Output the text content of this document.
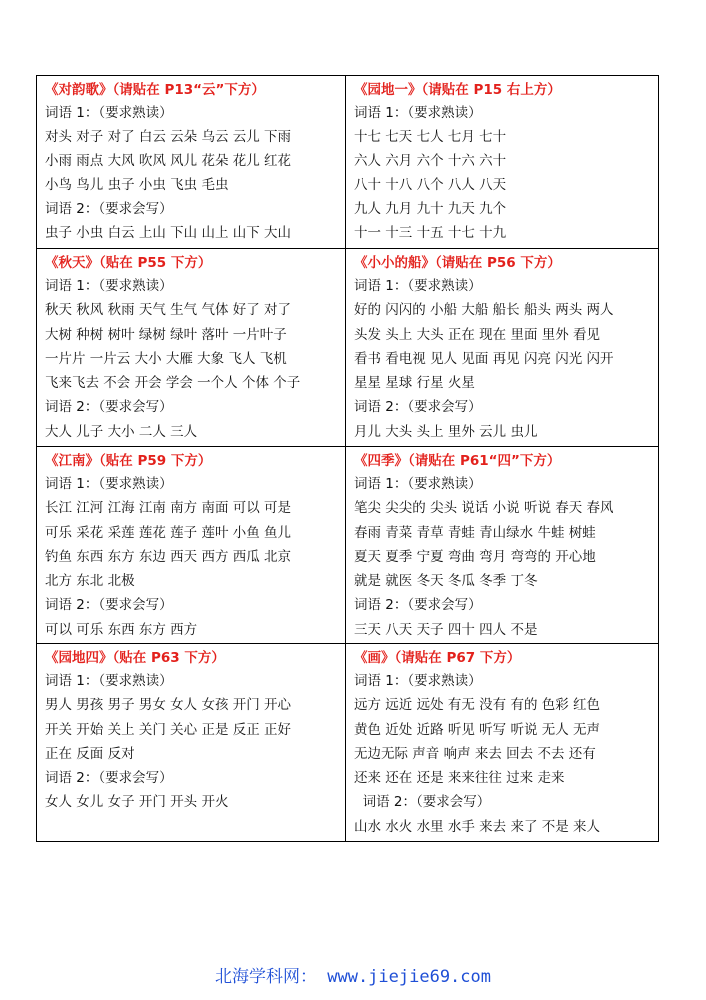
《对韵歌》（请贴在 P13“云”下方）
词语 1：（要求熟读）
对头 对子 对了 白云 云朵 乌云 云儿 下雨
小雨 雨点 大风 吹风 风儿 花朵 花儿 红花
小鸟 鸟儿 虫子 小虫 飞虫 毛虫
词语 2：（要求会写）
虫子 小虫 白云 上山 下山 山上 山下 大山
《园地一》（请贴在 P15 右上方）
词语 1：（要求熟读）
十七 七天 七人 七月 七十
六人 六月 六个 十六 六十
八十 十八 八个 八人 八天
九人 九月 九十 九天 九个
十一 十三 十五 十七 十九
《秋天》（贴在 P55 下方）
词语 1：（要求熟读）
秋天 秋风 秋雨 天气 生气 气体 好了 对了
大树 种树 树叶 绿树 绿叶 落叶 一片叶子
一片片 一片云 大小 大雁 大象 飞人 飞机
飞来飞去 不会 开会 学会 一个人 个体 个子
词语 2：（要求会写）
大人 儿子 大小 二人 三人
《小小的船》（请贴在 P56 下方）
词语 1：（要求熟读）
好的 闪闪的 小船 大船 船长 船头 两头 两人
头发 头上 大头 正在 现在 里面 里外 看见
看书 看电视 见人 见面 再见 闪亮 闪光 闪开
星星 星球 行星 火星
词语 2：（要求会写）
月儿 大头 头上 里外 云儿 虫儿
《江南》（贴在 P59 下方）
词语 1：（要求熟读）
长江 江河 江海 江南 南方 南面 可以 可是
可乐 采花 采莲 莲花 莲子 莲叶 小鱼 鱼儿
钓鱼 东西 东方 东边 西天 西方 西瓜 北京
北方 东北 北极
词语 2：（要求会写）
可以 可乐 东西 东方 西方
《四季》（请贴在 P61“四”下方）
词语 1：（要求熟读）
笔尖 尖尖的 尖头 说话 小说 听说 春天 春风
春雨 青菜 青草 青蛙 青山绿水 牛蛙 树蛙
夏天 夏季 宁夏 弯曲 弯月 弯弯的 开心地
就是 就医 冬天 冬瓜 冬季 丁冬
词语 2：（要求会写）
三天 八天 天子 四十 四人 不是
《园地四》（贴在 P63 下方）
词语 1：（要求熟读）
男人 男孩 男子 男女 女人 女孩 开门 开心
开关 开始 关上 关门 关心 正是 反正 正好
正在 反面 反对
词语 2：（要求会写）
女人 女儿 女子 开门 开头 开火
《画》（请贴在 P67 下方）
词语 1：（要求熟读）
远方 远近 远处 有无 没有 有的 色彩 红色
黄色 近处 近路 听见 听写 听说 无人 无声
无边无际 声音 响声 来去 回去 不去 还有
还来 还在 还是 来来往往 过来 走来
词语 2：（要求会写）
山水 水火 水里 水手 来去 来了 不是 来人
北海学科网： www.jiejie69.com
